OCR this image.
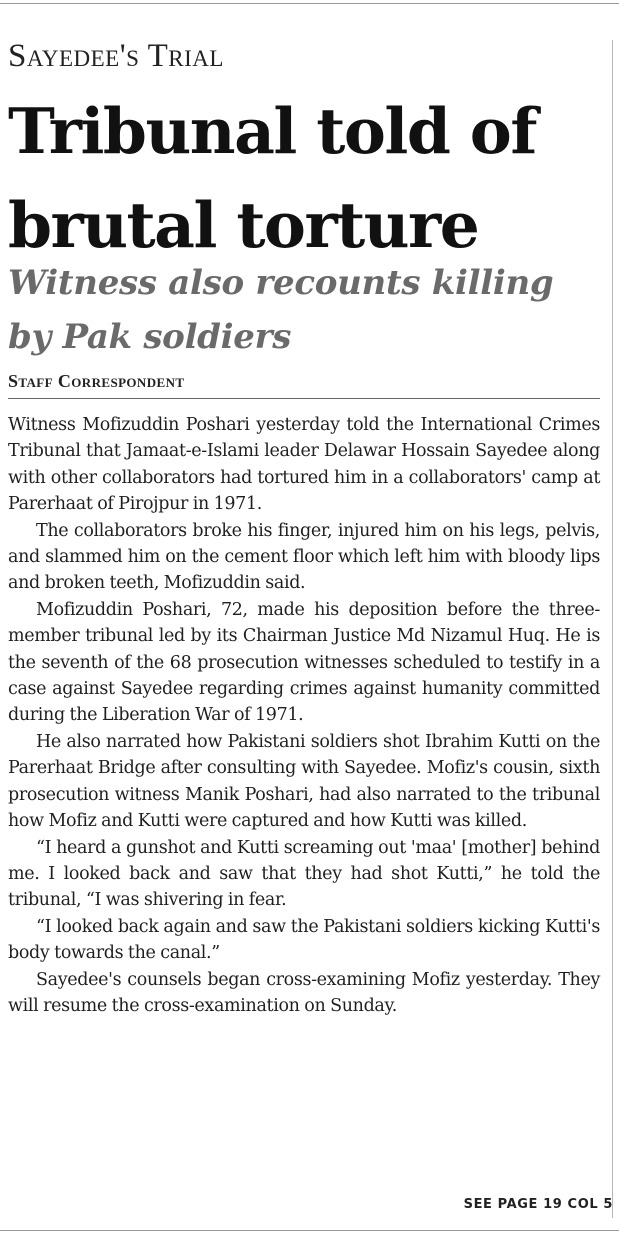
Sayedee's Trial
Tribunal told of brutal torture
Witness also recounts killing by Pak soldiers
Staff Correspondent

Witness Mofizuddin Poshari yesterday told the International Crimes Tribunal that Jamaat-e-Islami leader Delawar Hossain Sayedee along with other collaborators had tortured him in a collaborators' camp at Parerhaat of Pirojpur in 1971.

The collaborators broke his finger, injured him on his legs, pelvis, and slammed him on the cement floor which left him with bloody lips and broken teeth, Mofizuddin said.

Mofizuddin Poshari, 72, made his deposition before the three-member tribunal led by its Chairman Justice Md Nizamul Huq. He is the seventh of the 68 prosecution witnesses scheduled to testify in a case against Sayedee regarding crimes against humanity committed during the Liberation War of 1971.

He also narrated how Pakistani soldiers shot Ibrahim Kutti on the Parerhaat Bridge after consulting with Sayedee. Mofiz's cousin, sixth prosecution witness Manik Poshari, had also narrated to the tribunal how Mofiz and Kutti were captured and how Kutti was killed.

“I heard a gunshot and Kutti screaming out 'maa' [mother] behind me. I looked back and saw that they had shot Kutti,” he told the tribunal, “I was shivering in fear.

“I looked back again and saw the Pakistani soldiers kicking Kutti's body towards the canal.”

Sayedee's counsels began cross-examining Mofiz yesterday. They will resume the cross-examination on Sunday.

SEE PAGE 19 COL 5
